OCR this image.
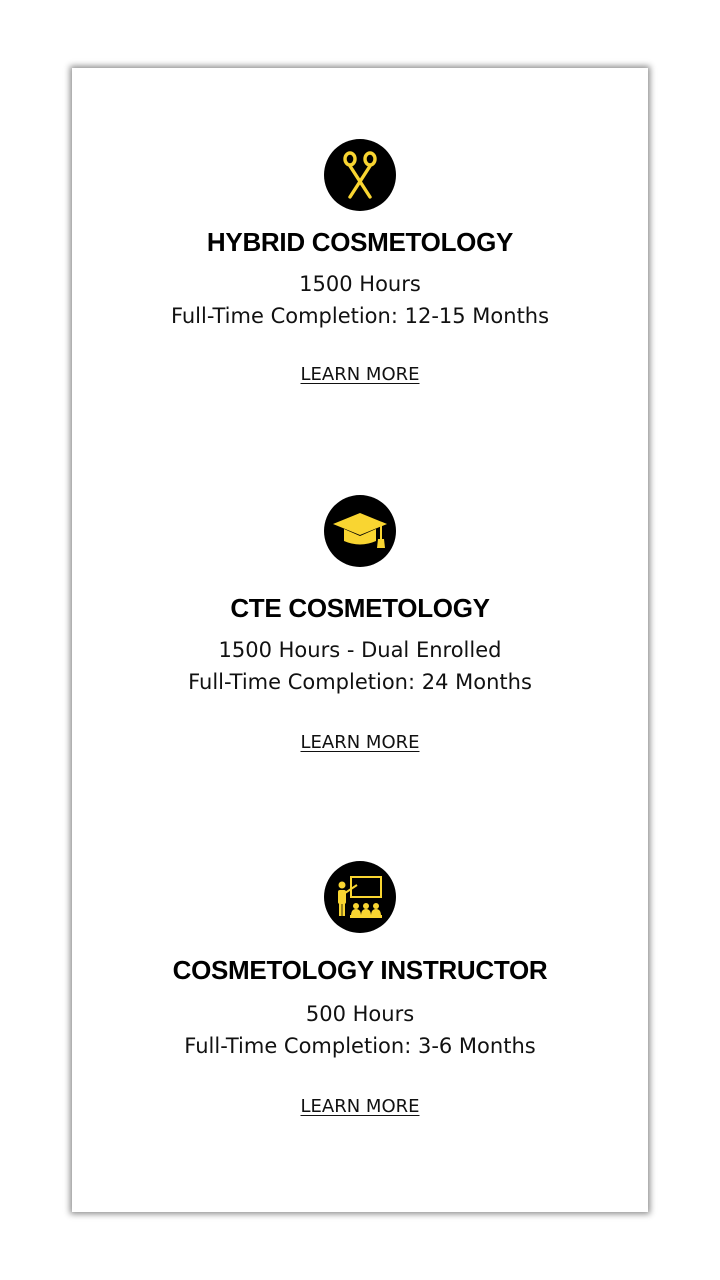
HYBRID COSMETOLOGY

1500 Hours

Full-Time Completion: 12-15 Months

LEARN MORE
CTE COSMETOLOGY

1500 Hours - Dual Enrolled

Full-Time Completion: 24 Months

LEARN MORE
COSMETOLOGY INSTRUCTOR

500 Hours

Full-Time Completion: 3-6 Months

LEARN MORE
